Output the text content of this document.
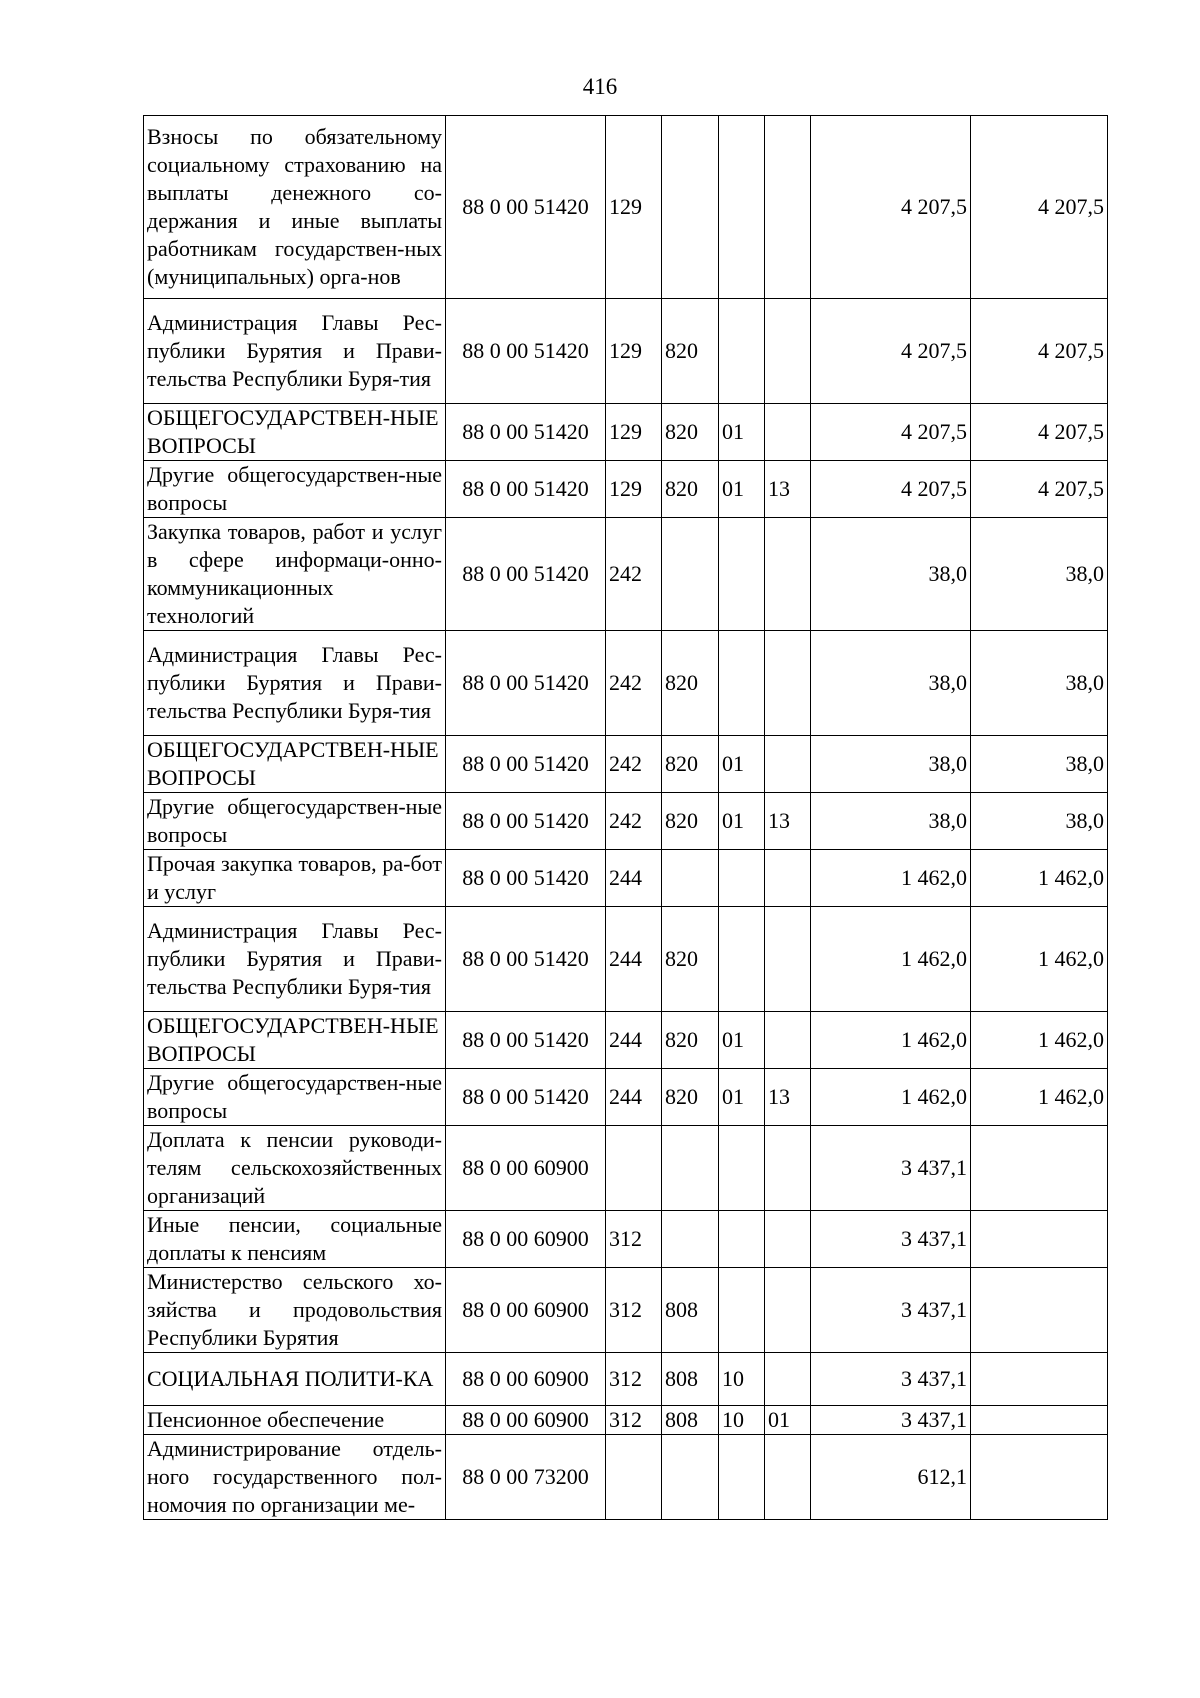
416
Взносы по обязательному социальному страхованию на выплаты денежного со-держания и иные выплаты работникам государствен-ных (муниципальных) орга-нов	88 0 00 51420	129				4 207,5	4 207,5
Администрация Главы Рес-публики Бурятия и Прави-тельства Республики Буря-тия	88 0 00 51420	129	820			4 207,5	4 207,5
ОБЩЕГОСУДАРСТВЕН-НЫЕ ВОПРОСЫ	88 0 00 51420	129	820	01		4 207,5	4 207,5
Другие общегосударствен-ные вопросы	88 0 00 51420	129	820	01	13	4 207,5	4 207,5
Закупка товаров, работ и услуг в сфере информаци-онно-коммуникационных технологий	88 0 00 51420	242				38,0	38,0
Администрация Главы Рес-публики Бурятия и Прави-тельства Республики Буря-тия	88 0 00 51420	242	820			38,0	38,0
ОБЩЕГОСУДАРСТВЕН-НЫЕ ВОПРОСЫ	88 0 00 51420	242	820	01		38,0	38,0
Другие общегосударствен-ные вопросы	88 0 00 51420	242	820	01	13	38,0	38,0
Прочая закупка товаров, ра-бот и услуг	88 0 00 51420	244				1 462,0	1 462,0
Администрация Главы Рес-публики Бурятия и Прави-тельства Республики Буря-тия	88 0 00 51420	244	820			1 462,0	1 462,0
ОБЩЕГОСУДАРСТВЕН-НЫЕ ВОПРОСЫ	88 0 00 51420	244	820	01		1 462,0	1 462,0
Другие общегосударствен-ные вопросы	88 0 00 51420	244	820	01	13	1 462,0	1 462,0
Доплата к пенсии руководи-телям сельскохозяйственных организаций	88 0 00 60900					3 437,1	
Иные пенсии, социальные доплаты к пенсиям	88 0 00 60900	312				3 437,1	
Министерство сельского хо-зяйства и продовольствия Республики Бурятия	88 0 00 60900	312	808			3 437,1	
СОЦИАЛЬНАЯ ПОЛИТИ-КА	88 0 00 60900	312	808	10		3 437,1	
Пенсионное обеспечение	88 0 00 60900	312	808	10	01	3 437,1	
Администрирование отдель-ного государственного пол-номочия по организации ме-	88 0 00 73200					612,1	
